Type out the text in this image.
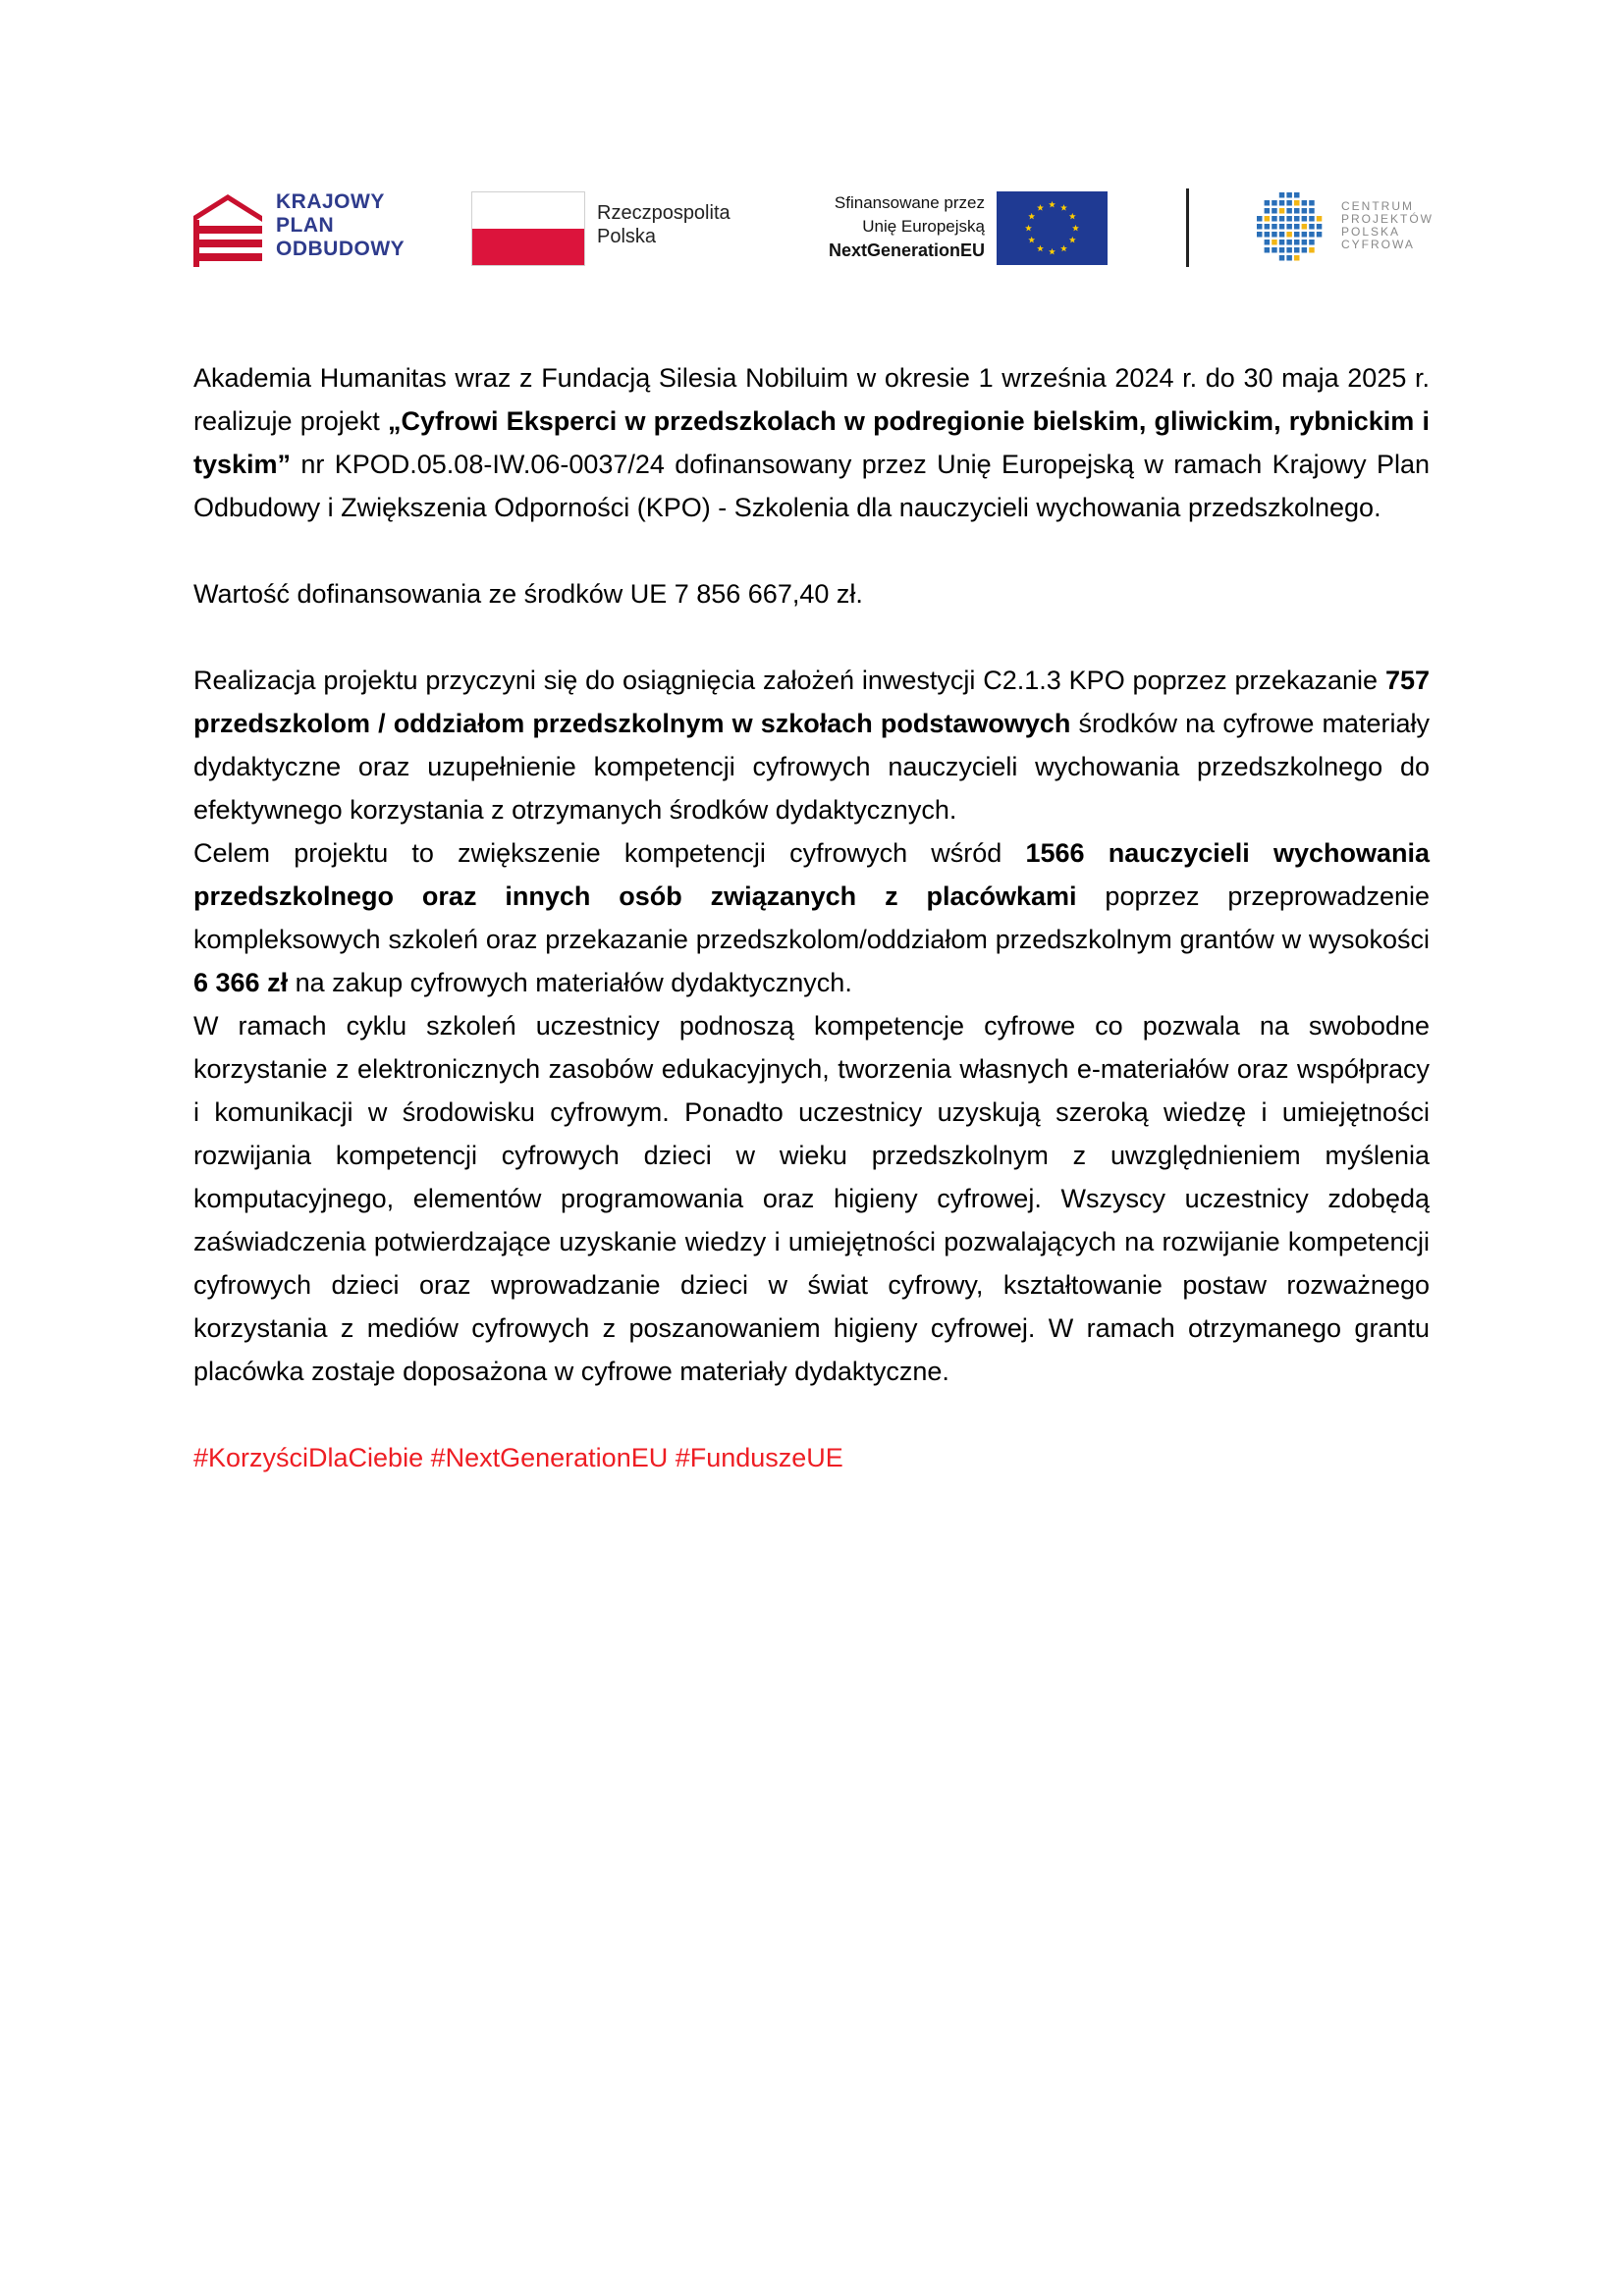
KRAJOWY
PLAN
ODBUDOWY
Rzeczpospolita
Polska
Sfinansowane przez
Unię Europejską
NextGenerationEU
CENTRUM
PROJEKTÓW
POLSKA
CYFROWA

Akademia Humanitas wraz z Fundacją Silesia Nobiluim w okresie 1 września 2024 r. do 30 maja 2025 r. realizuje projekt „Cyfrowi Eksperci w przedszkolach w podregionie bielskim, gliwickim, rybnickim i tyskim” nr KPOD.05.08-IW.06-0037/24 dofinansowany przez Unię Europejską w ramach Krajowy Plan Odbudowy i Zwiększenia Odporności (KPO) - Szkolenia dla nauczycieli wychowania przedszkolnego.

Wartość dofinansowania ze środków UE 7 856 667,40 zł.

Realizacja projektu przyczyni się do osiągnięcia założeń inwestycji C2.1.3 KPO poprzez przekazanie 757 przedszkolom / oddziałom przedszkolnym w szkołach podstawowych środków na cyfrowe materiały dydaktyczne oraz uzupełnienie kompetencji cyfrowych nauczycieli wychowania przedszkolnego do efektywnego korzystania z otrzymanych środków dydaktycznych.

Celem projektu to zwiększenie kompetencji cyfrowych wśród 1566 nauczycieli wychowania przedszkolnego oraz innych osób związanych z placówkami poprzez przeprowadzenie kompleksowych szkoleń oraz przekazanie przedszkolom/oddziałom przedszkolnym grantów w wysokości 6 366 zł na zakup cyfrowych materiałów dydaktycznych.

W ramach cyklu szkoleń uczestnicy podnoszą kompetencje cyfrowe co pozwala na swobodne korzystanie z elektronicznych zasobów edukacyjnych, tworzenia własnych e-materiałów oraz współpracy i komunikacji w środowisku cyfrowym. Ponadto uczestnicy uzyskują szeroką wiedzę i umiejętności rozwijania kompetencji cyfrowych dzieci w wieku przedszkolnym z uwzględnieniem myślenia komputacyjnego, elementów programowania oraz higieny cyfrowej. Wszyscy uczestnicy zdobędą zaświadczenia potwierdzające uzyskanie wiedzy i umiejętności pozwalających na rozwijanie kompetencji cyfrowych dzieci oraz wprowadzanie dzieci w świat cyfrowy, kształtowanie postaw rozważnego korzystania z mediów cyfrowych z poszanowaniem higieny cyfrowej. W ramach otrzymanego grantu placówka zostaje doposażona w cyfrowe materiały dydaktyczne.

#KorzyściDlaCiebie #NextGenerationEU #FunduszeUE
